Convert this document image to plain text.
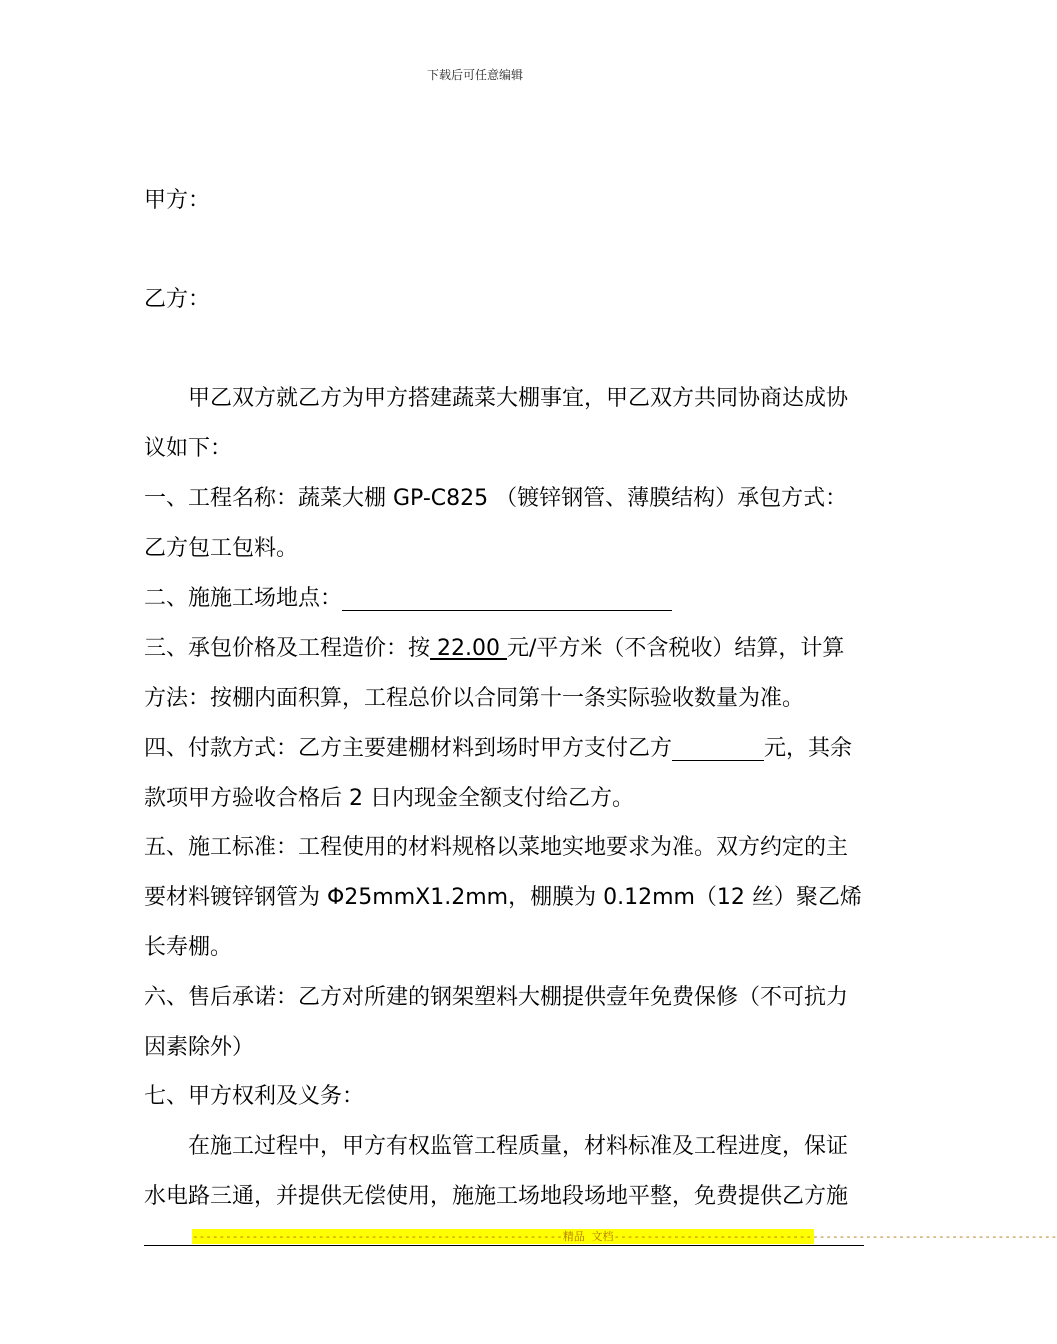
下载后可任意编辑
甲方：
乙方：
甲乙双方就乙方为甲方搭建蔬菜大棚事宜，甲乙双方共同协商达成协
议如下：
一、工程名称：蔬菜大棚 GP-C825 （镀锌钢管、薄膜结构）承包方式：
乙方包工包料。
二、施施工场地点：
三、承包价格及工程造价：按 22.00 元/平方米（不含税收）结算，计算
方法：按棚内面积算，工程总价以合同第十一条实际验收数量为准。
四、付款方式：乙方主要建棚材料到场时甲方支付乙方	元，其余
款项甲方验收合格后 2 日内现金全额支付给乙方。
五、施工标准：工程使用的材料规格以菜地实地要求为准。双方约定的主
要材料镀锌钢管为 Φ25mmX1.2mm，棚膜为 0.12mm（12 丝）聚乙烯
长寿棚。
六、售后承诺：乙方对所建的钢架塑料大棚提供壹年免费保修（不可抗力
因素除外）
七、甲方权利及义务：
在施工过程中，甲方有权监管工程质量，材料标准及工程进度，保证
水电路三通，并提供无偿使用，施施工场地段场地平整，免费提供乙方施
--------------------------------------------------------精品 文档-------------------------------------------------------------------
